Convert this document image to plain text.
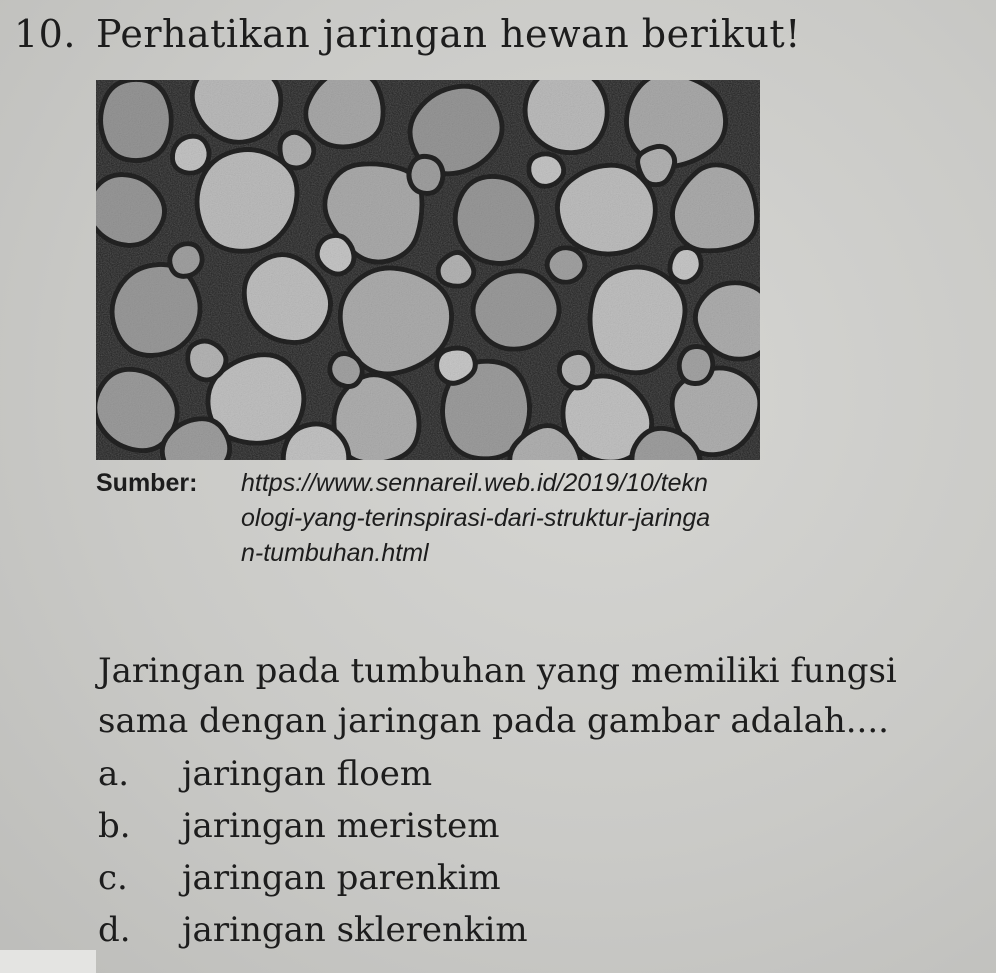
10. Perhatikan jaringan hewan berikut!
Sumber: https://www.sennareil.web.id/2019/10/teknologi-yang-terinspirasi-dari-struktur-jaringan-tumbuhan.html
Jaringan pada tumbuhan yang memiliki fungsi sama dengan jaringan pada gambar adalah....
a. jaringan floem
b. jaringan meristem
c. jaringan parenkim
d. jaringan sklerenkim
